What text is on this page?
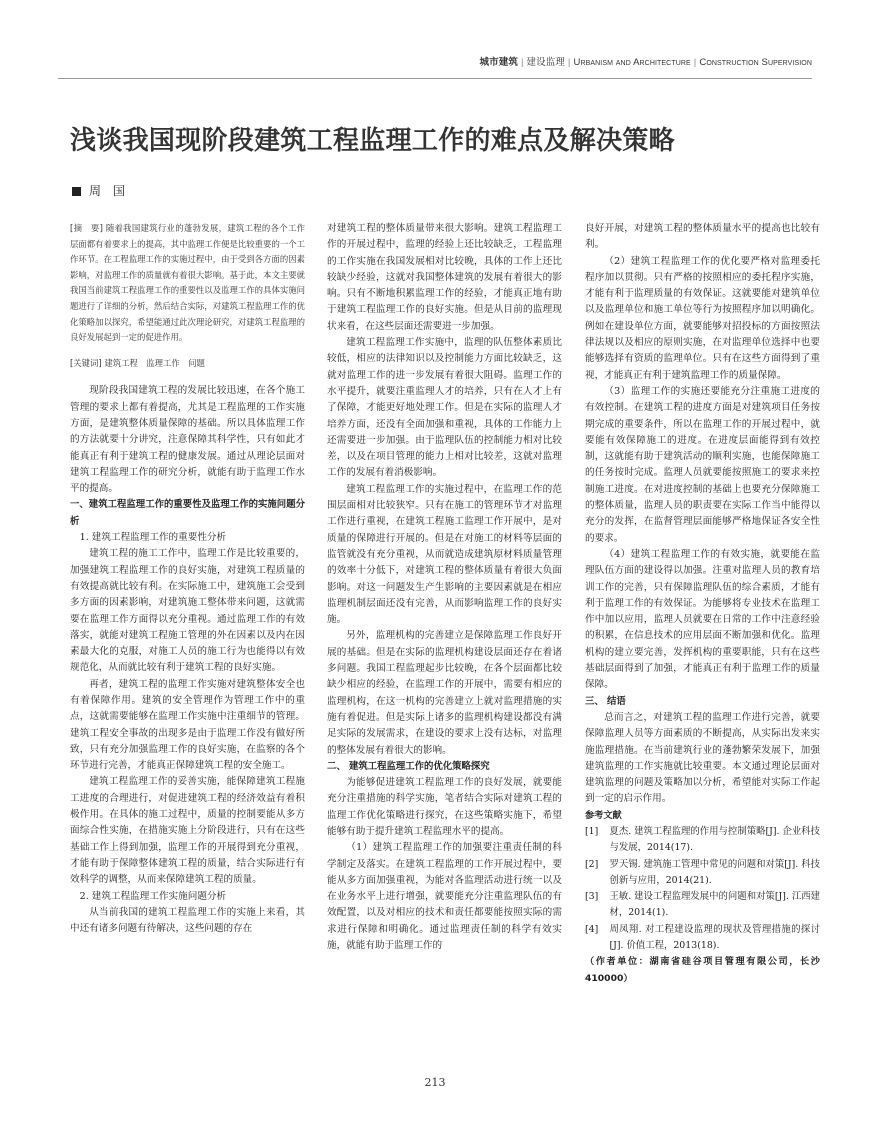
城市建筑 | 建设监理 | Urbanism and Architecture | Construction Supervision
浅谈我国现阶段建筑工程监理工作的难点及解决策略
周　国

[摘　要] 随着我国建筑行业的蓬勃发展，建筑工程的各个工作层面都有着要求上的提高，其中监理工作便是比较重要的一个工作环节。在工程监理工作的实施过程中，由于受到各方面的因素影响，对监理工作的质量就有着很大影响。基于此，本文主要就我国当前建筑工程监理工作的重要性以及监理工作的具体实施问题进行了详细的分析，然后结合实际，对建筑工程监理工作的优化策略加以探究，希望能通过此次理论研究，对建筑工程监理的良好发展起到一定的促进作用。

[关键词] 建筑工程　监理工作　问题

现阶段我国建筑工程的发展比较迅速，在各个施工管理的要求上都有着提高，尤其是工程监理的工作实施方面，是建筑整体质量保障的基础。所以具体监理工作的方法就要十分讲究，注意保障其科学性，只有如此才能真正有利于建筑工程的健康发展。通过从理论层面对建筑工程监理工作的研究分析，就能有助于监理工作水平的提高。

一、建筑工程监理工作的重要性及监理工作的实施问题分析

1. 建筑工程监理工作的重要性分析

建筑工程的施工工作中，监理工作是比较重要的，加强建筑工程监理工作的良好实施，对建筑工程质量的有效提高就比较有利。在实际施工中，建筑施工会受到多方面的因素影响，对建筑施工整体带来问题，这就需要在监理工作方面得以充分重视。通过监理工作的有效落实，就能对建筑工程施工管理的外在因素以及内在因素最大化的克服，对施工人员的施工行为也能得以有效规范化，从而就比较有利于建筑工程的良好实施。

再者，建筑工程的监理工作实施对建筑整体安全也有着保障作用。建筑的安全管理作为管理工作中的重点，这就需要能够在监理工作实施中注重细节的管理。建筑工程安全事故的出现多是由于监理工作没有做好所致，只有充分加强监理工作的良好实施，在监察的各个环节进行完善，才能真正保障建筑工程的安全施工。

建筑工程监理工作的妥善实施，能保障建筑工程施工进度的合理进行，对促进建筑工程的经济效益有着积极作用。在具体的施工过程中，质量的控制要能从多方面综合性实施，在措施实施上分阶段进行，只有在这些基础工作上得到加强，监理工作的开展得到充分重视，才能有助于保障整体建筑工程的质量，结合实际进行有效科学的调整，从而来保障建筑工程的质量。

2. 建筑工程监理工作实施问题分析

从当前我国的建筑工程监理工作的实施上来看，其中还有诸多问题有待解决，这些问题的存在

对建筑工程的整体质量带来很大影响。建筑工程监理工作的开展过程中，监理的经验上还比较缺乏，工程监理的工作实施在我国发展相对比较晚，具体的工作上还比较缺少经验，这就对我国整体建筑的发展有着很大的影响。只有不断地积累监理工作的经验，才能真正地有助于建筑工程监理工作的良好实施。但是从目前的监理现状来看，在这些层面还需要进一步加强。

建筑工程监理工作实施中，监理的队伍整体素质比较低，相应的法律知识以及控制能力方面比较缺乏，这就对监理工作的进一步发展有着很大阻碍。监理工作的水平提升，就要注重监理人才的培养，只有在人才上有了保障，才能更好地处理工作。但是在实际的监理人才培养方面，还没有全面加强和重视，具体的工作能力上还需要进一步加强。由于监理队伍的控制能力相对比较差，以及在项目管理的能力上相对比较差，这就对监理工作的发展有着消极影响。

建筑工程监理工作的实施过程中，在监理工作的范围层面相对比较狭窄。只有在施工的管理环节才对监理工作进行重视，在建筑工程施工监理工作开展中，是对质量的保障进行开展的。但是在对施工的材料等层面的监管就没有充分重视，从而就造成建筑原材料质量管理的效率十分低下，对建筑工程的整体质量有着很大负面影响。对这一问题发生产生影响的主要因素就是在相应监理机制层面还没有完善，从而影响监理工作的良好实施。

另外，监理机构的完善建立是保障监理工作良好开展的基础。但是在实际的监理机构建设层面还存在着诸多问题。我国工程监理起步比较晚，在各个层面都比较缺少相应的经验，在监理工作的开展中，需要有相应的监理机构，在这一机构的完善建立上就对监理措施的实施有着促进。但是实际上诸多的监理机构建设都没有满足实际的发展需求，在建设的要求上没有达标，对监理的整体发展有着很大的影响。

二、 建筑工程监理工作的优化策略探究

为能够促进建筑工程监理工作的良好发展，就要能充分注重措施的科学实施，笔者结合实际对建筑工程的监理工作优化策略进行探究，在这些策略实施下，希望能够有助于提升建筑工程监理水平的提高。

（1）建筑工程监理工作的加强要注重责任制的科学制定及落实。在建筑工程监理的工作开展过程中，要能从多方面加强重视，为能对各监理活动进行统一以及在业务水平上进行增强，就要能充分注重监理队伍的有效配置，以及对相应的技术和责任都要能按照实际的需求进行保障和明确化。通过监理责任制的科学有效实施，就能有助于监理工作的

良好开展，对建筑工程的整体质量水平的提高也比较有利。

（2）建筑工程监理工作的优化要严格对监理委托程序加以贯彻。只有严格的按照相应的委托程序实施，才能有利于监理质量的有效保证。这就要能对建筑单位以及监理单位和施工单位等行为按照程序加以明确化。例如在建设单位方面，就要能够对招投标的方面按照法律法规以及相应的原则实施，在对监理单位选择中也要能够选择有资质的监理单位。只有在这些方面得到了重视，才能真正有利于建筑监理工作的质量保障。

（3）监理工作的实施还要能充分注重施工进度的有效控制。在建筑工程的进度方面是对建筑项目任务按期完成的重要条件，所以在监理工作的开展过程中，就要能有效保障施工的进度。在进度层面能得到有效控制，这就能有助于建筑活动的顺利实施，也能保障施工的任务按时完成。监理人员就要能按照施工的要求来控制施工进度。在对进度控制的基础上也要充分保障施工的整体质量，监理人员的职责要在实际工作当中能得以充分的发挥，在监督管理层面能够严格地保证各安全性的要求。

（4）建筑工程监理工作的有效实施，就要能在监理队伍方面的建设得以加强。注重对监理人员的教育培训工作的完善，只有保障监理队伍的综合素质，才能有利于监理工作的有效保证。为能够将专业技术在监理工作中加以应用，监理人员就要在日常的工作中注意经验的积累，在信息技术的应用层面不断加强和优化。监理机构的建立要完善，发挥机构的重要职能，只有在这些基础层面得到了加强，才能真正有利于监理工作的质量保障。

三、 结语

总而言之，对建筑工程的监理工作进行完善，就要保障监理人员等方面素质的不断提高，从实际出发来实施监理措施。在当前建筑行业的蓬勃繁荣发展下，加强建筑监理的工作实施就比较重要。本文通过理论层面对建筑监理的问题及策略加以分析，希望能对实际工作起到一定的启示作用。

参考文献

[1] 夏杰. 建筑工程监理的作用与控制策略[J]. 企业科技与发展，2014(17).

[2] 罗天锡. 建筑施工管理中常见的问题和对策[J]. 科技创新与应用，2014(21).

[3] 王敏. 建设工程监理发展中的问题和对策[J]. 江西建材，2014(1).

[4] 周凤翔. 对工程建设监理的现状及管理措施的探讨[J]. 价值工程，2013(18).

（作者单位：湖南省硅谷项目管理有限公司，长沙410000）

213
